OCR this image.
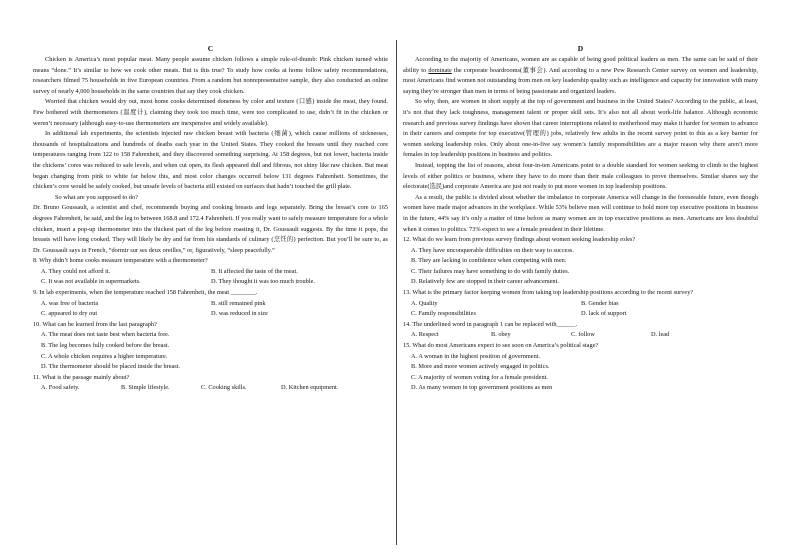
C

Chicken is America’s most popular meat. Many people assume chicken follows a simple rule-of-thumb: Pink chicken turned white means “done.” It’s similar to how we cook other meats. But is this true? To study how cooks at home follow safety recommendations, researchers filmed 75 households in five European countries. From a random but nonrepresentative sample, they also conducted an online survey of nearly 4,000 households in the same countries that say they cook chicken.

Worried that chicken would dry out, most home cooks determined doneness by color and texture (口感) inside the meat, they found. Few bothered with thermometers (温度计), claiming they took too much time, were too complicated to use, didn’t fit in the chicken or weren’t necessary (although easy-to-use thermometers are inexpensive and widely available).

In additional lab experiments, the scientists injected raw chicken breast with bacteria (细菌), which cause millions of sicknesses, thousands of hospitalizations and hundreds of deaths each year in the United States. They cooked the breasts until they reached core temperatures ranging from 122 to 158 Fahrenheit, and they discovered something surprising. At 158 degrees, but not lower, bacteria inside the chickens’ cores was reduced to safe levels, and when cut open, its flesh appeared dull and fibrous, not shiny like raw chicken. But meat began changing from pink to white far below this, and most color changes occurred below 131 degrees Fahrenheit. Sometimes, the chicken’s core would be safely cooked, but unsafe levels of bacteria still existed on surfaces that hadn’t touched the grill plate.

So what are you supposed to do?

Dr. Bruno Goussault, a scientist and chef, recommends buying and cooking breasts and legs separately. Bring the breast’s core to 165 degrees Fahrenheit, he said, and the leg to between 168.8 and 172.4 Fahrenheit. If you really want to safely measure temperature for a whole chicken, insert a pop-up thermometer into the thickest part of the leg before roasting it, Dr. Goussault suggests. By the time it pops, the breasts will have long cooked. They will likely be dry and far from his standards of culinary (烹饪的) perfection. But you’ll be sure to, as Dr. Goussault says in French, “dormir sur ses deux oreilles,” or, figuratively, “sleep peacefully.”

8. Why didn’t home cooks measure temperature with a thermometer?
A. They could not afford it.	B. It affected the taste of the meat.
C. It was not available in supermarkets.	D. They thought it was too much trouble.
9. In lab experiments, when the temperature reached 158 Fahrenheit, the meat ________.
A. was free of bacteria	B. still remained pink
C. appeared to dry out	D. was reduced in size
10. What can be learned from the last paragraph?
A. The meat does not taste best when bacteria free.
B. The leg becomes fully cooked before the breast.
C. A whole chicken requires a higher temperature.
D. The thermometer should be placed inside the breast.
11. What is the passage mainly about?
A. Food safety.	B. Simple lifestyle.	C. Cooking skills.	D. Kitchen equipment.
D

According to the majority of Americans, women are as capable of being good political leaders as men. The same can be said of their ability to dominate the corporate boardrooms(董事会). And according to a new Pew Research Center survey on women and leadership, most Americans find women not outstanding from men on key leadership quality such as intelligence and capacity for innovation with many saying they’re stronger than men in terms of being passionate and organized leaders.

So why, then, are women in short supply at the top of government and business in the United States? According to the public, at least, it’s not that they lack toughness, management talent or proper skill sets. It’s also not all about work-life balance. Although economic research and previous survey findings have shown that career interruptions related to motherhood may make it harder for women to advance in their careers and compete for top executive(管理的) jobs, relatively few adults in the recent survey point to this as a key barrier for women seeking leadership roles. Only about one-in-five say women’s family responsibilities are a major reason why there aren’t more females in top leadership positions in business and politics.

Instead, topping the list of reasons, about four-in-ten Americans point to a double standard for women seeking to climb to the highest levels of either politics or business, where they have to do more than their male colleagues to prove themselves. Similar shares say the electorate(选民)and corporate America are just not ready to put more women in top leadership positions.

As a result, the public is divided about whether the imbalance in corporate America will change in the foreseeable future, even though women have made major advances in the workplace. While 53% believe men will continue to hold more top executive positions in business in the future, 44% say it’s only a matter of time before as many women are in top executive positions as men. Americans are less doubtful when it comes to politics. 73% expect to see a female president in their lifetime.

12. What do we learn from previous survey findings about women seeking leadership roles?
A. They have unconquerable difficulties on their way to success.
B. They are lacking in confidence when competing with men.
C. Their failures may have something to do with family duties.
D. Relatively few are stopped in their career advancement.
13. What is the primary factor keeping women from taking top leadership positions according to the recent survey?
A. Quality	B. Gender bias
C. Family responsibilities	D. lack of support
14. The underlined word in paragraph 1 can be replaced with______.
A. Respect	B. obey	C. follow	D. lead
15. What do most Americans expect to see soon on America’s political stage?
A. A woman in the highest position of government.
B. More and more women actively engaged in politics.
C. A majority of women voting for a female president.
D. As many women in top government positions as men
